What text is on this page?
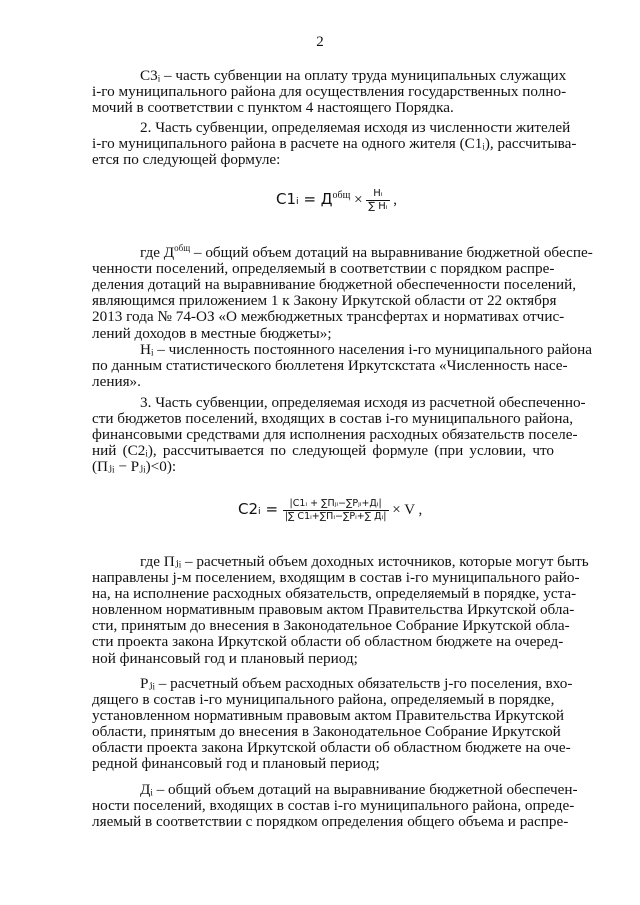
2
С3ᵢ – часть субвенции на оплату труда муниципальных служащих
i-го муниципального района для осуществления государственных полно-
мочий в соответствии с пунктом 4 настоящего Порядка.
2. Часть субвенции, определяемая исходя из численности жителей
i-го муниципального района в расчете на одного жителя (С1ᵢ), рассчитыва-
ется по следующей формуле:
С1ᵢ = $Д^{общ} \times \frac{\text{Нᵢ}}{\text{∑ Нᵢ}}$ ,
где $Д^{общ}$ – общий объем дотаций на выравнивание бюджетной обеспе-
ченности поселений, определяемый в соответствии с порядком распре-
деления дотаций на выравнивание бюджетной обеспеченности поселений,
являющимся приложением 1 к Закону Иркутской области от 22 октября
2013 года № 74-ОЗ «О межбюджетных трансфертах и нормативах отчис-
лений доходов в местные бюджеты»;
Нᵢ – численность постоянного населения i-го муниципального района
по данным статистического бюллетеня Иркутскстата «Численность насе-
ления».
3. Часть субвенции, определяемая исходя из расчетной обеспеченно-
сти бюджетов поселений, входящих в состав i-го муниципального района,
финансовыми средствами для исполнения расходных обязательств поселе-
ний (С2ᵢ), рассчитывается по следующей формуле (при условии, что
(Пⱼᵢ − Рⱼᵢ)<0):
С2ᵢ = $\frac{\text{|С1ᵢ + ∑Пⱼᵢ−∑Рⱼᵢ+Дᵢ|}}{\text{|∑ С1ᵢ+∑Пᵢ−∑Рᵢ+∑ Дᵢ|}} \times V$ ,
где Пⱼᵢ – расчетный объем доходных источников, которые могут быть
направлены j-м поселением, входящим в состав i-го муниципального райо-
на, на исполнение расходных обязательств, определяемый в порядке, уста-
новленном нормативным правовым актом Правительства Иркутской обла-
сти, принятым до внесения в Законодательное Собрание Иркутской обла-
сти проекта закона Иркутской области об областном бюджете на очеред-
ной финансовый год и плановый период;
Рⱼᵢ – расчетный объем расходных обязательств j-го поселения, вхо-
дящего в состав i-го муниципального района, определяемый в порядке,
установленном нормативным правовым актом Правительства Иркутской
области, принятым до внесения в Законодательное Собрание Иркутской
области проекта закона Иркутской области об областном бюджете на оче-
редной финансовый год и плановый период;
Дᵢ – общий объем дотаций на выравнивание бюджетной обеспечен-
ности поселений, входящих в состав i-го муниципального района, опреде-
ляемый в соответствии с порядком определения общего объема и распре-
